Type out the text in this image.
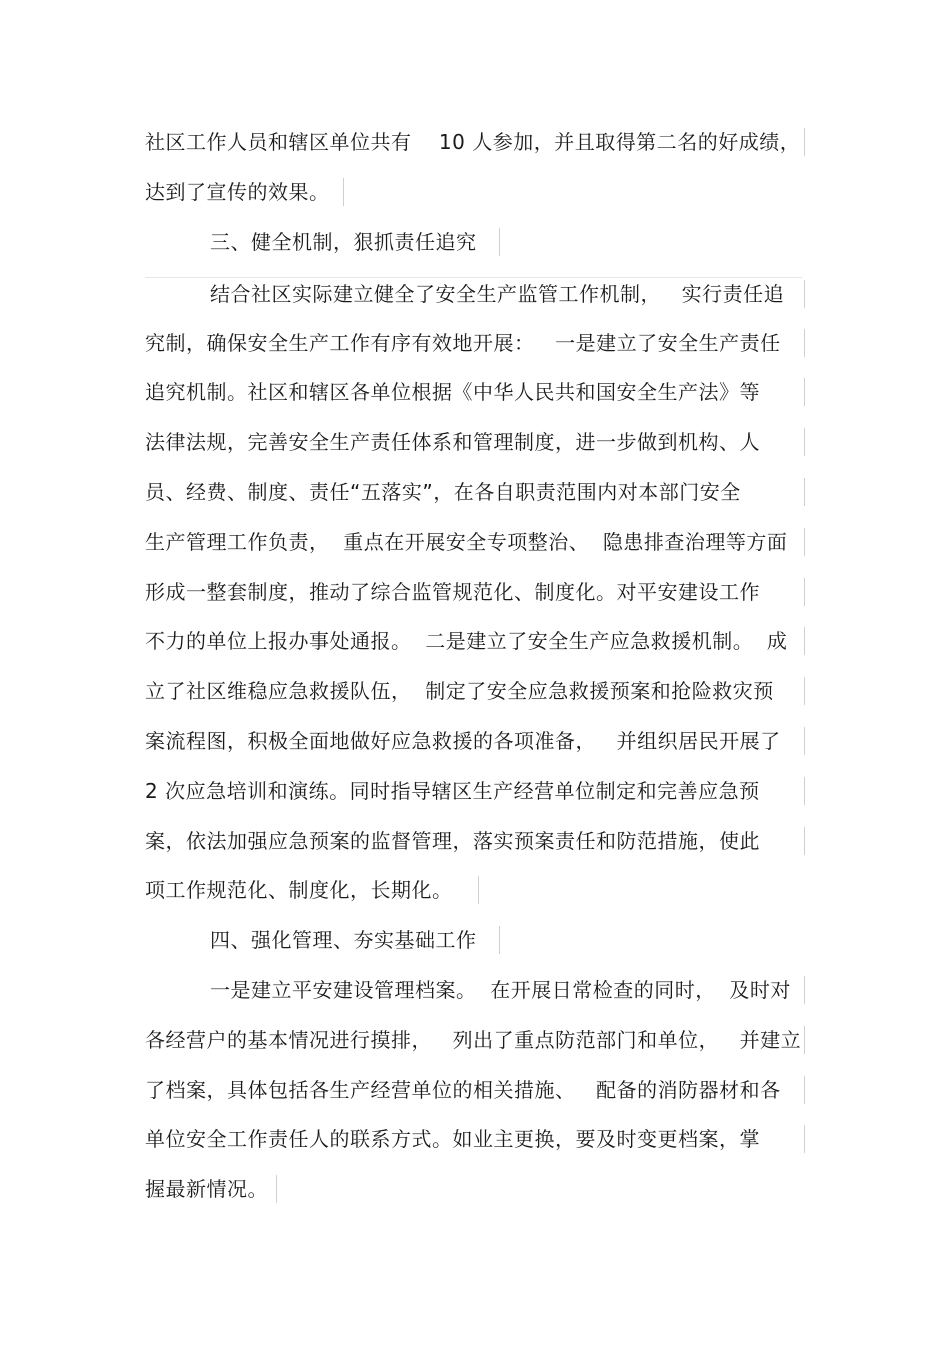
社区工作人员和辖区单位共有    10 人参加，并且取得第二名的好成绩，
达到了宣传的效果。
三、健全机制，狠抓责任追究
结合社区实际建立健全了安全生产监管工作机制，   实行责任追
究制，确保安全生产工作有序有效地开展：   一是建立了安全生产责任
追究机制。社区和辖区各单位根据《中华人民共和国安全生产法》等
法律法规，完善安全生产责任体系和管理制度，进一步做到机构、人
员、经费、制度、责任“五落实”，在各自职责范围内对本部门安全
生产管理工作负责，  重点在开展安全专项整治、  隐患排查治理等方面
形成一整套制度，推动了综合监管规范化、制度化。对平安建设工作
不力的单位上报办事处通报。  二是建立了安全生产应急救援机制。  成
立了社区维稳应急救援队伍，  制定了安全应急救援预案和抢险救灾预
案流程图，积极全面地做好应急救援的各项准备，   并组织居民开展了
2 次应急培训和演练。同时指导辖区生产经营单位制定和完善应急预
案，依法加强应急预案的监督管理，落实预案责任和防范措施，使此
项工作规范化、制度化，长期化。
四、强化管理、夯实基础工作
一是建立平安建设管理档案。  在开展日常检查的同时，  及时对
各经营户的基本情况进行摸排，   列出了重点防范部门和单位，   并建立
了档案，具体包括各生产经营单位的相关措施、   配备的消防器材和各
单位安全工作责任人的联系方式。如业主更换，要及时变更档案，掌
握最新情况。
